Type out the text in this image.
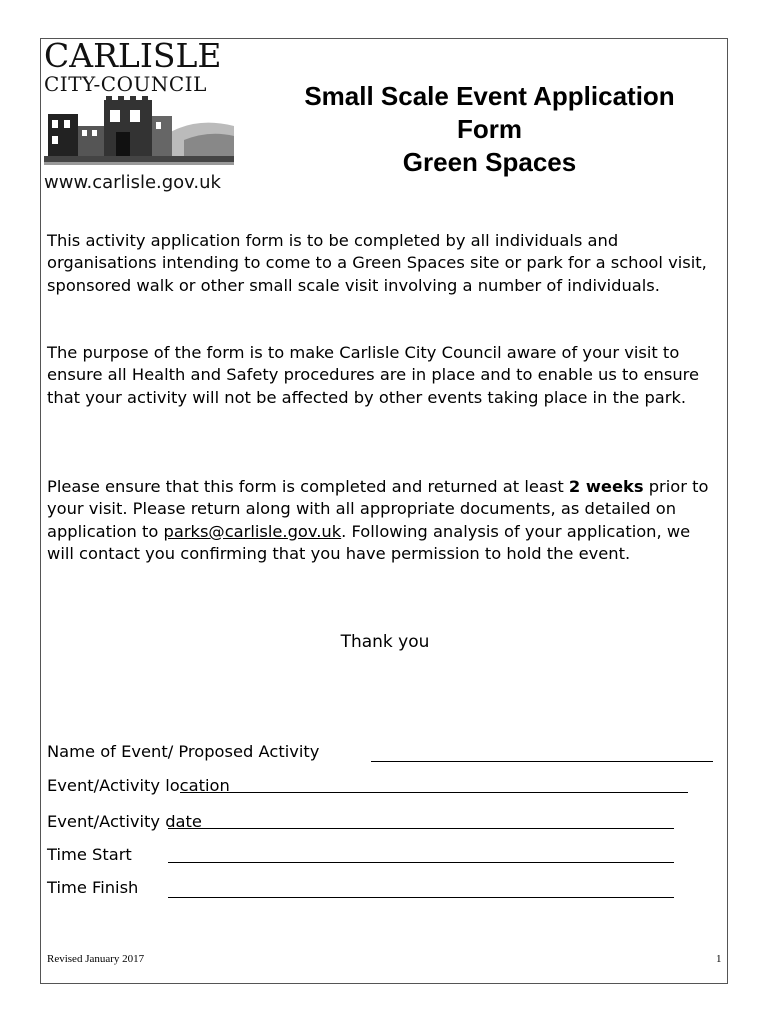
CARLISLE
CITY-COUNCIL
www.carlisle.gov.uk
Small Scale Event Application
Form
Green Spaces
This activity application form is to be completed by all individuals and organisations intending to come to a Green Spaces site or park for a school visit, sponsored walk or other small scale visit involving a number of individuals.
The purpose of the form is to make Carlisle City Council aware of your visit to ensure all Health and Safety procedures are in place and to enable us to ensure that your activity will not be affected by other events taking place in the park.
Please ensure that this form is completed and returned at least 2 weeks prior to your visit. Please return along with all appropriate documents, as detailed on application to parks@carlisle.gov.uk. Following analysis of your application, we will contact you confirming that you have permission to hold the event.
Thank you
Name of Event/ Proposed Activity
Event/Activity location
Event/Activity date
Time Start
Time Finish
Revised January 2017	1
